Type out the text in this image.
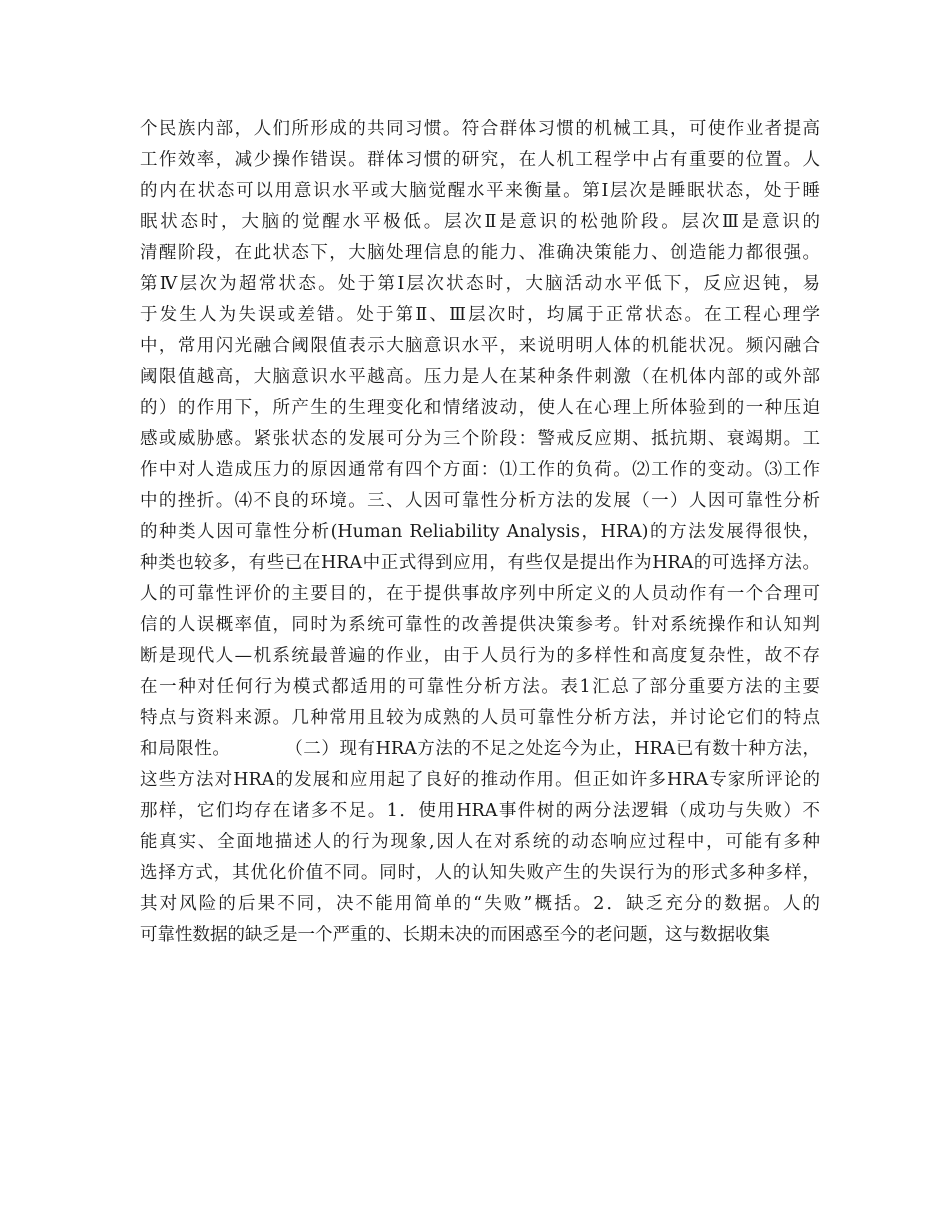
个民族内部，人们所形成的共同习惯。符合群体习惯的机械工具，可使作业者提高
工作效率，减少操作错误。群体习惯的研究，在人机工程学中占有重要的位置。人
的内在状态可以用意识水平或大脑觉醒水平来衡量。第Ⅰ层次是睡眠状态，处于睡
眠状态时，大脑的觉醒水平极低。层次Ⅱ是意识的松弛阶段。层次Ⅲ是意识的
清醒阶段，在此状态下，大脑处理信息的能力、准确决策能力、创造能力都很强。
第Ⅳ层次为超常状态。处于第Ⅰ层次状态时，大脑活动水平低下，反应迟钝，易
于发生人为失误或差错。处于第Ⅱ、Ⅲ层次时，均属于正常状态。在工程心理学
中，常用闪光融合阈限值表示大脑意识水平，来说明明人体的机能状况。频闪融合
阈限值越高，大脑意识水平越高。压力是人在某种条件刺激（在机体内部的或外部
的）的作用下，所产生的生理变化和情绪波动，使人在心理上所体验到的一种压迫
感或威胁感。紧张状态的发展可分为三个阶段：警戒反应期、抵抗期、衰竭期。工
作中对人造成压力的原因通常有四个方面：⑴工作的负荷。⑵工作的变动。⑶工作
中的挫折。⑷不良的环境。三、人因可靠性分析方法的发展（一）人因可靠性分析
的种类人因可靠性分析(Human Reliability Analysis，HRA)的方法发展得很快，
种类也较多，有些已在HRA中正式得到应用，有些仅是提出作为HRA的可选择方法。
人的可靠性评价的主要目的，在于提供事故序列中所定义的人员动作有一个合理可
信的人误概率值，同时为系统可靠性的改善提供决策参考。针对系统操作和认知判
断是现代人—机系统最普遍的作业，由于人员行为的多样性和高度复杂性，故不存
在一种对任何行为模式都适用的可靠性分析方法。表1汇总了部分重要方法的主要
特点与资料来源。几种常用且较为成熟的人员可靠性分析方法，并讨论它们的特点
和局限性。　　　　（二）现有HRA方法的不足之处迄今为止，HRA已有数十种方法，
这些方法对HRA的发展和应用起了良好的推动作用。但正如许多HRA专家所评论的
那样，它们均存在诸多不足。1．使用HRA事件树的两分法逻辑（成功与失败）不
能真实、全面地描述人的行为现象,因人在对系统的动态响应过程中，可能有多种
选择方式，其优化价值不同。同时，人的认知失败产生的失误行为的形式多种多样，
其对风险的后果不同，决不能用简单的“失败”概括。2．缺乏充分的数据。人的
可靠性数据的缺乏是一个严重的、长期未决的而困惑至今的老问题，这与数据收集
